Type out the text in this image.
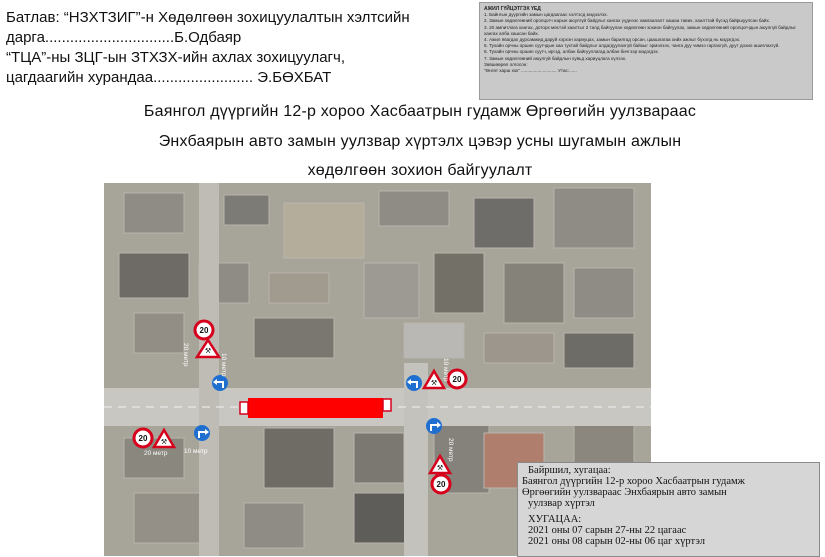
Батлав: “НЗХТЗИГ”-н Хөдөлгөөн зохицуулалтын хэлтсийн
дарга...............................Б.Одбаяр
“ТЦА”-ны ЗЦГ-ын ЗТХЗХ-ийн ахлах зохицуулагч,
цагдаагийн хурандаа........................ Э.БӨХБАТ
АЖИЛ ГҮЙЦЭТГЭХ ҮЕД
1. Байнгын дүүргийн замын цагдаагаас хэлтэсд мэдээлэх.
2. Замын хөдөлгөөний оролцогч нарын аюулгүй байдлыг хангах үүднээс хамгаалалт хашаа тавих, хаалттай бүсэд байршуулсан байх.
3. 20 ампитлага хангах, доторх мөстэй хаалтыг 2 талд байгуулан хөдөлгөөн зохион байгуулах, замын хөдөлгөөний оролцогчдын аюулгүй байдлыг хангах алба хашсан байх.
4. Ажил явагдах дурсамжид даруй хэрхэн хариуцах, замын барилгад орсан, цаашлагаа хийх ажлыг бүхэлд нь мэдэгдэх.
5. Тухайн орчны оршин суугчдын хаа тухтай байдлыг алдагдуулахгүй байхыг эрмэлзэх, чанга дуу чимээ гаргахгүй, дуут дохио ашиглахгүй.
6. Тухайн орчны оршин суугч, иргэд, албан байгууллагад албан бичгээр мэдэгдэх.
7. Замын хөдөлгөөний аюулгүй байдлын хувьд хариуцлага хүлээх.
Зөвшөөрөл олгосон:
“Өнгөт харш ххк” ............................ Утас:......
Баянгол дүүргийн 12-р хороо Хасбаатрын гудамж Өргөөгийн уулзвараас
Энхбаярын авто замын уулзвар хүртэлх цэвэр усны шугамын ажлын
хөдөлгөөн зохион байгуулалт
20
20
20
20
⚒
⚒
⚒
⚒
20 метр	10 метр
20 метр	10 метр
10 метр
20 метр
Байршил, хугацаа:
Баянгол дүүргийн 12-р хороо Хасбаатрын гудамж
Өргөөгийн уулзвараас Энхбаярын авто замын
уулзвар хүртэл
ХУГАЦАА:
2021 оны 07 сарын 27-ны 22 цагаас
2021 оны 08 сарын 02-ны 06 цаг хүртэл
